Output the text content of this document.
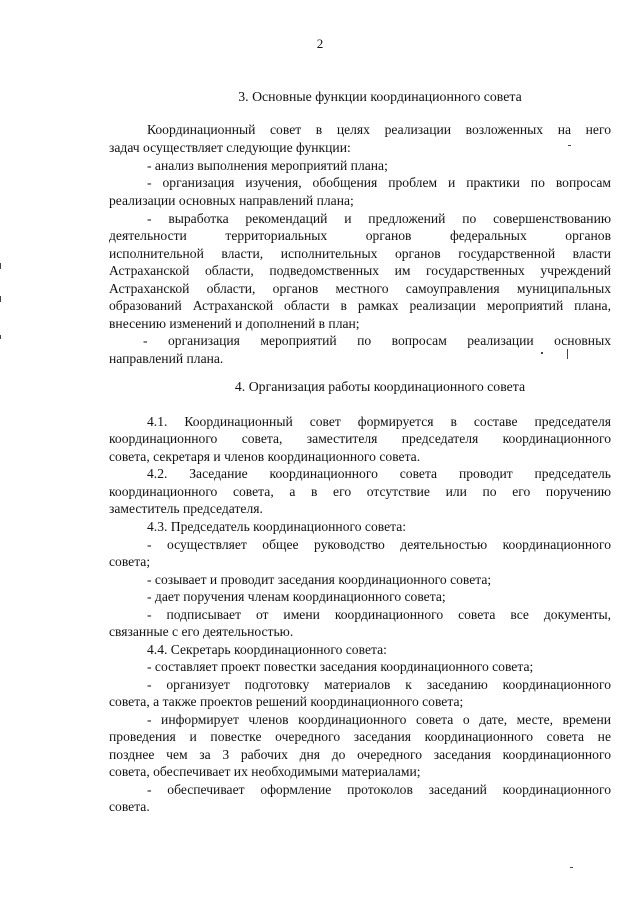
2
3. Основные функции координационного совета
Координационный совет в целях реализации возложенных на него
задач осуществляет следующие функции:
- анализ выполнения мероприятий плана;
- организация изучения, обобщения проблем и практики по вопросам
реализации основных направлений плана;
- выработка рекомендаций и предложений по совершенствованию
деятельности территориальных органов федеральных органов
исполнительной власти, исполнительных органов государственной власти
Астраханской области, подведомственных им государственных учреждений
Астраханской области, органов местного самоуправления муниципальных
образований Астраханской области в рамках реализации мероприятий плана,
внесению изменений и дополнений в план;
- организация мероприятий по вопросам реализации основных
направлений плана.
4. Организация работы координационного совета
4.1. Координационный совет формируется в составе председателя
координационного совета, заместителя председателя координационного
совета, секретаря и членов координационного совета.
4.2. Заседание координационного совета проводит председатель
координационного совета, а в его отсутствие или по его поручению
заместитель председателя.
4.3. Председатель координационного совета:
- осуществляет общее руководство деятельностью координационного
совета;
- созывает и проводит заседания координационного совета;
- дает поручения членам координационного совета;
- подписывает от имени координационного совета все документы,
связанные с его деятельностью.
4.4. Секретарь координационного совета:
- составляет проект повестки заседания координационного совета;
- организует подготовку материалов к заседанию координационного
совета, а также проектов решений координационного совета;
- информирует членов координационного совета о дате, месте, времени
проведения и повестке очередного заседания координационного совета не
позднее чем за 3 рабочих дня до очередного заседания координационного
совета, обеспечивает их необходимыми материалами;
- обеспечивает оформление протоколов заседаний координационного
совета.
